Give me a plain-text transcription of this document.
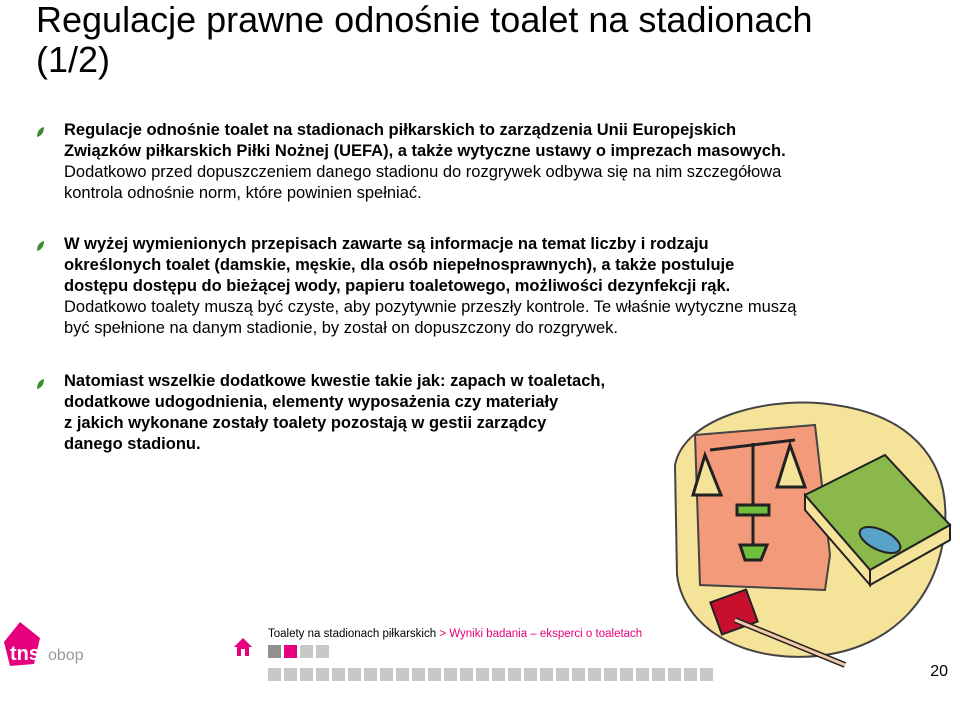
Regulacje prawne odnośnie toalet na stadionach
(1/2)
Regulacje odnośnie toalet na stadionach piłkarskich to zarządzenia Unii Europejskich
Związków piłkarskich Piłki Nożnej (UEFA), a także wytyczne ustawy o imprezach masowych.
Dodatkowo przed dopuszczeniem danego stadionu do rozgrywek odbywa się na nim szczegółowa
kontrola odnośnie norm, które powinien spełniać.
W wyżej wymienionych przepisach zawarte są informacje na temat liczby i rodzaju
określonych toalet (damskie, męskie, dla osób niepełnosprawnych), a także postuluje
dostępu dostępu do bieżącej wody, papieru toaletowego, możliwości dezynfekcji rąk.
Dodatkowo toalety muszą być czyste, aby pozytywnie przeszły kontrole. Te właśnie wytyczne muszą
być spełnione na danym stadionie, by został on dopuszczony do rozgrywek.
Natomiast wszelkie dodatkowe kwestie takie jak: zapach w toaletach,
dodatkowe udogodnienia, elementy wyposażenia czy materiały
z jakich wykonane zostały toalety pozostają w gestii zarządcy
danego stadionu.
tns obop
Toalety na stadionach piłkarskich > Wyniki badania – eksperci o toaletach
20
